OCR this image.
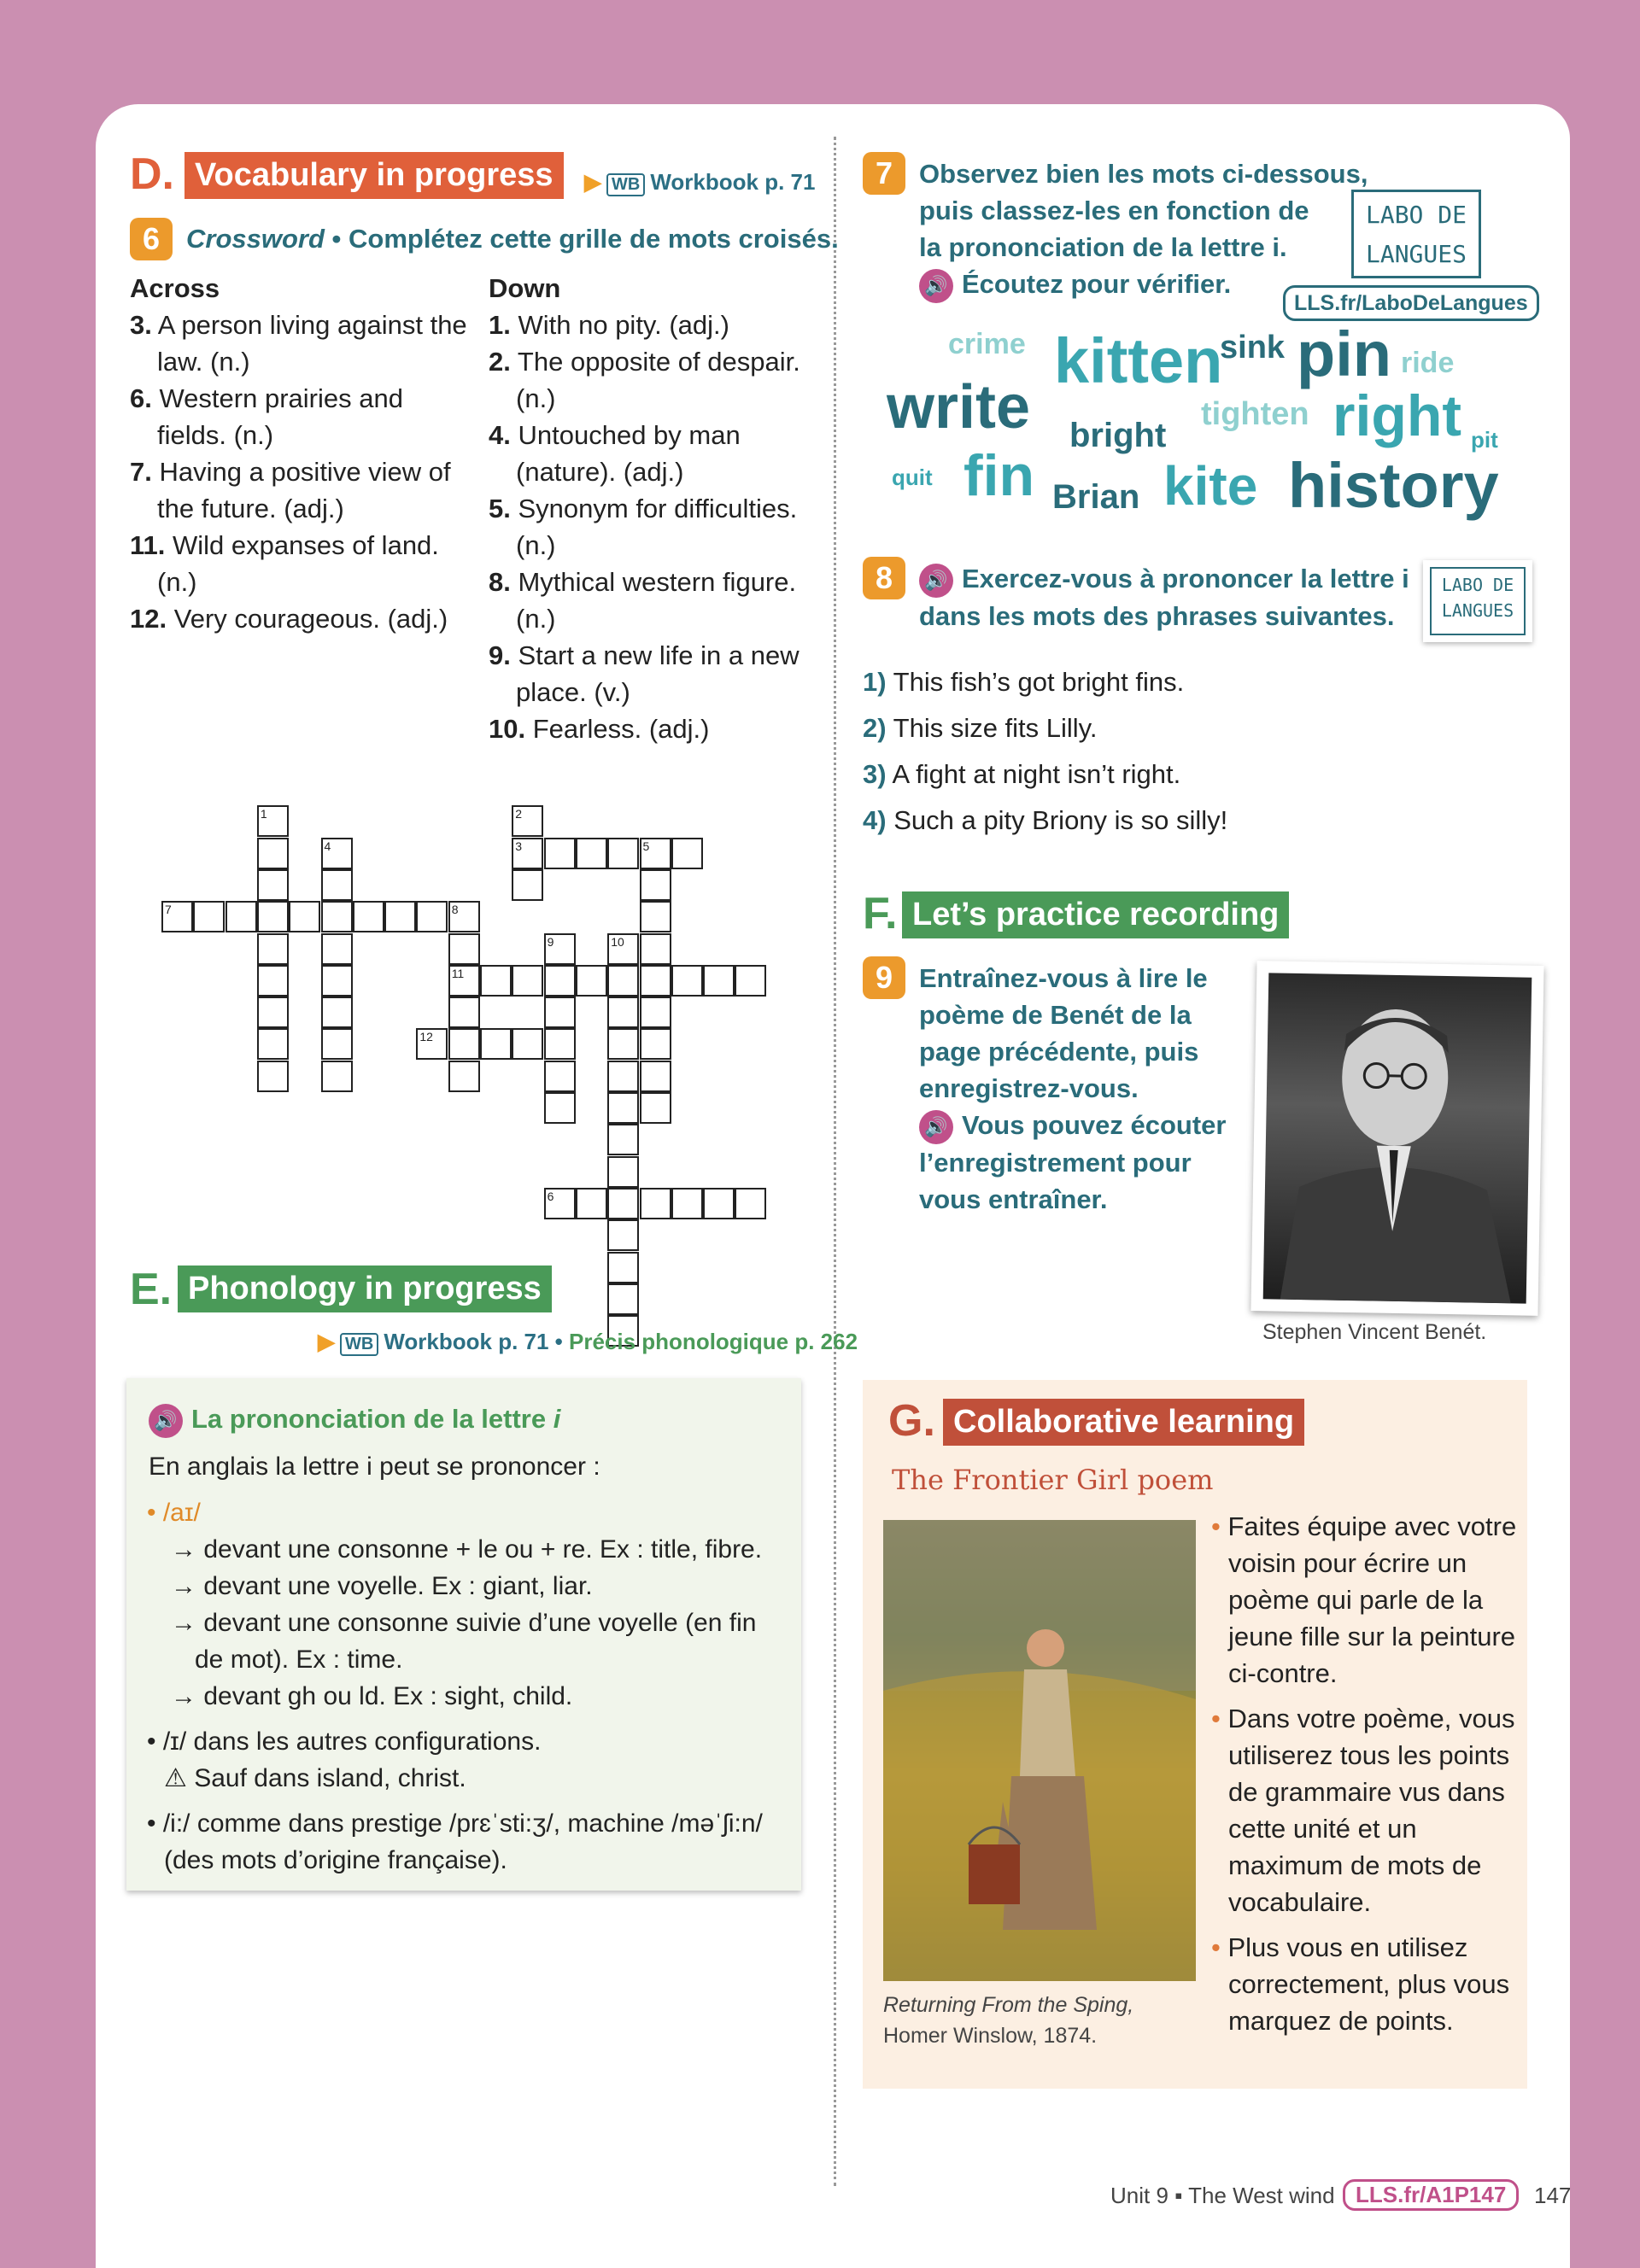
D. Vocabulary in progress	▶ WB Workbook p. 71
6 Crossword • Complétez cette grille de mots croisés.
Across
3. A person living against the law. (n.)
6. Western prairies and fields. (n.)
7. Having a positive view of the future. (adj.)
11. Wild expanses of land. (n.)
12. Very courageous. (adj.)
Down
1. With no pity. (adj.)
2. The opposite of despair. (n.)
4. Untouched by man (nature). (adj.)
5. Synonym for difficulties. (n.)
8. Mythical western figure. (n.)
9. Start a new life in a new place. (v.)
10. Fearless. (adj.)
1	2
3
4	5
7	8
9	10
11
12
6
E. Phonology in progress
▶ WB Workbook p. 71 • Précis phonologique p. 262
🔊 La prononciation de la lettre i
En anglais la lettre i peut se prononcer :
• /aɪ/
→ devant une consonne + le ou + re. Ex : title, fibre.
→ devant une voyelle. Ex : giant, liar.
→ devant une consonne suivie d’une voyelle (en fin de mot). Ex : time.
→ devant gh ou ld. Ex : sight, child.
• /ɪ/ dans les autres configurations.
⚠ Sauf dans island, christ.
• /i:/ comme dans prestige /prɛˈsti:ʒ/, machine /məˈʃi:n/ (des mots d’origine française).
7 Observez bien les mots ci-dessous,
puis classez-les en fonction de
la prononciation de la lettre i.
🔊 Écoutez pour vérifier.
LABO DE LANGUES
LLS.fr/LaboDeLangues
crime kitten
sink pin ride
write	tighten
bright	right pit
quit fin Brian kite history
8	🔊 Exercez-vous à prononcer la lettre i
dans les mots des phrases suivantes.
LABO DE LANGUES
1) This fish’s got bright fins.
2) This size fits Lilly.
3) A fight at night isn’t right.
4) Such a pity Briony is so silly!
F. Let’s practice recording
9 Entraînez-vous à lire le
poème de Benét de la
page précédente, puis
enregistrez-vous.
🔊 Vous pouvez écouter
l’enregistrement pour
vous entraîner.
Stephen Vincent Benét.
G. Collaborative learning
The Frontier Girl poem
Returning From the Sping,
Homer Winslow, 1874.
• Faites équipe avec votre voisin pour écrire un poème qui parle de la jeune fille sur la peinture ci-contre.
• Dans votre poème, vous utiliserez tous les points de grammaire vus dans cette unité et un maximum de mots de vocabulaire.
• Plus vous en utilisez correctement, plus vous marquez de points.
Unit 9 ▪ The West wind LLS.fr/A1P147	147
